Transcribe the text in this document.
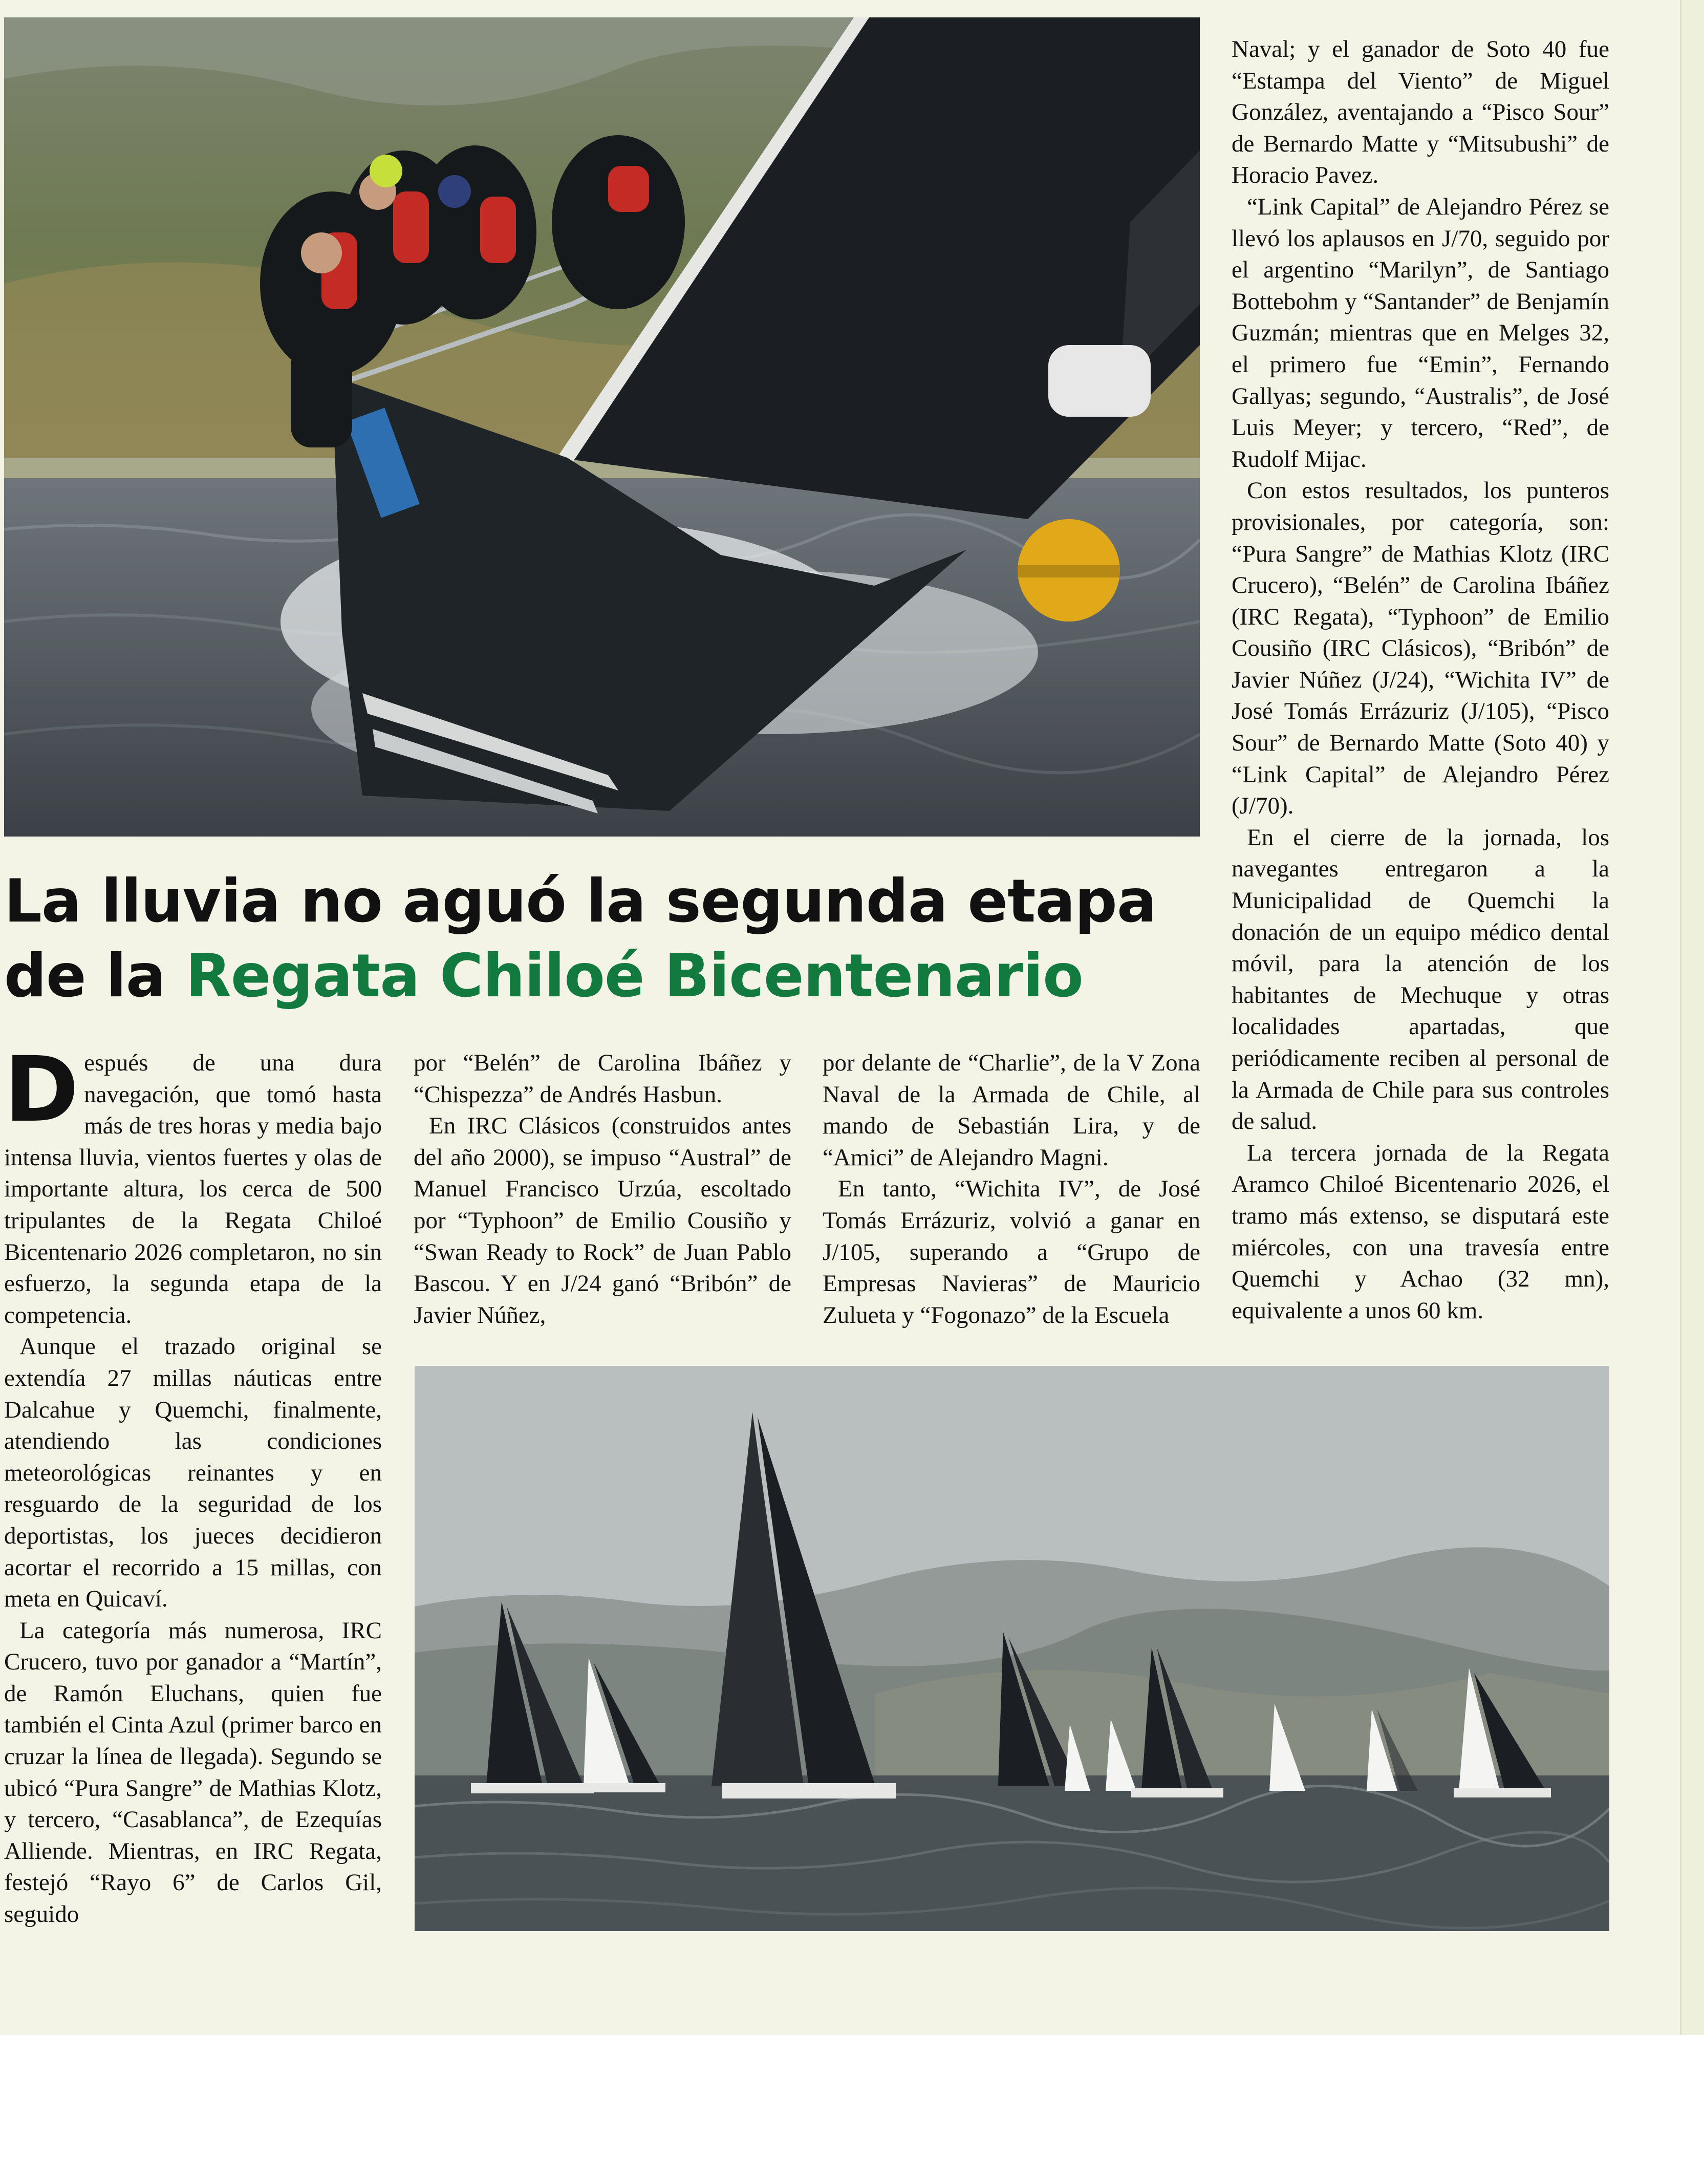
La lluvia no aguó la segunda etapa
de la Regata Chiloé Bicentenario

Después de una dura navegación, que tomó hasta más de tres horas y media bajo intensa lluvia, vientos fuertes y olas de importante altura, los cerca de 500 tripulantes de la Regata Chiloé Bicentenario 2026 completaron, no sin esfuerzo, la segunda etapa de la competencia.

Aunque el trazado original se extendía 27 millas náuticas entre Dalcahue y Quemchi, finalmente, atendiendo las condiciones meteorológicas reinantes y en resguardo de la seguridad de los deportistas, los jueces decidieron acortar el recorrido a 15 millas, con meta en Quicaví.

La categoría más numerosa, IRC Crucero, tuvo por ganador a “Martín”, de Ramón Eluchans, quien fue también el Cinta Azul (primer barco en cruzar la línea de llegada). Segundo se ubicó “Pura Sangre” de Mathias Klotz, y tercero, “Casablanca”, de Ezequías Alliende. Mientras, en IRC Regata, festejó “Rayo 6” de Carlos Gil, seguido

por “Belén” de Carolina Ibáñez y “Chispezza” de Andrés Hasbun.

En IRC Clásicos (construidos antes del año 2000), se impuso “Austral” de Manuel Francisco Urzúa, escoltado por “Typhoon” de Emilio Cousiño y “Swan Ready to Rock” de Juan Pablo Bascou. Y en J/24 ganó “Bribón” de Javier Núñez,

por delante de “Charlie”, de la V Zona Naval de la Armada de Chile, al mando de Sebastián Lira, y de “Amici” de Alejandro Magni.

En tanto, “Wichita IV”, de José Tomás Errázuriz, volvió a ganar en J/105, superando a “Grupo de Empresas Navieras” de Mauricio Zulueta y “Fogonazo” de la Escuela

Naval; y el ganador de Soto 40 fue “Estampa del Viento” de Miguel González, aventajando a “Pisco Sour” de Bernardo Matte y “Mitsubushi” de Horacio Pavez.

“Link Capital” de Alejandro Pérez se llevó los aplausos en J/70, seguido por el argentino “Marilyn”, de Santiago Bottebohm y “Santander” de Benjamín Guzmán; mientras que en Melges 32, el primero fue “Emin”, Fernando Gallyas; segundo, “Australis”, de José Luis Meyer; y tercero, “Red”, de Rudolf Mijac.

Con estos resultados, los punteros provisionales, por categoría, son: “Pura Sangre” de Mathias Klotz (IRC Crucero), “Belén” de Carolina Ibáñez (IRC Regata), “Typhoon” de Emilio Cousiño (IRC Clásicos), “Bribón” de Javier Núñez (J/24), “Wichita IV” de José Tomás Errázuriz (J/105), “Pisco Sour” de Bernardo Matte (Soto 40) y “Link Capital” de Alejandro Pérez (J/70).

En el cierre de la jornada, los navegantes entregaron a la Municipalidad de Quemchi la donación de un equipo médico dental móvil, para la atención de los habitantes de Mechuque y otras localidades apartadas, que periódicamente reciben al personal de la Armada de Chile para sus controles de salud.

La tercera jornada de la Regata Aramco Chiloé Bicentenario 2026, el tramo más extenso, se disputará este miércoles, con una travesía entre Quemchi y Achao (32 mn), equivalente a unos 60 km.
